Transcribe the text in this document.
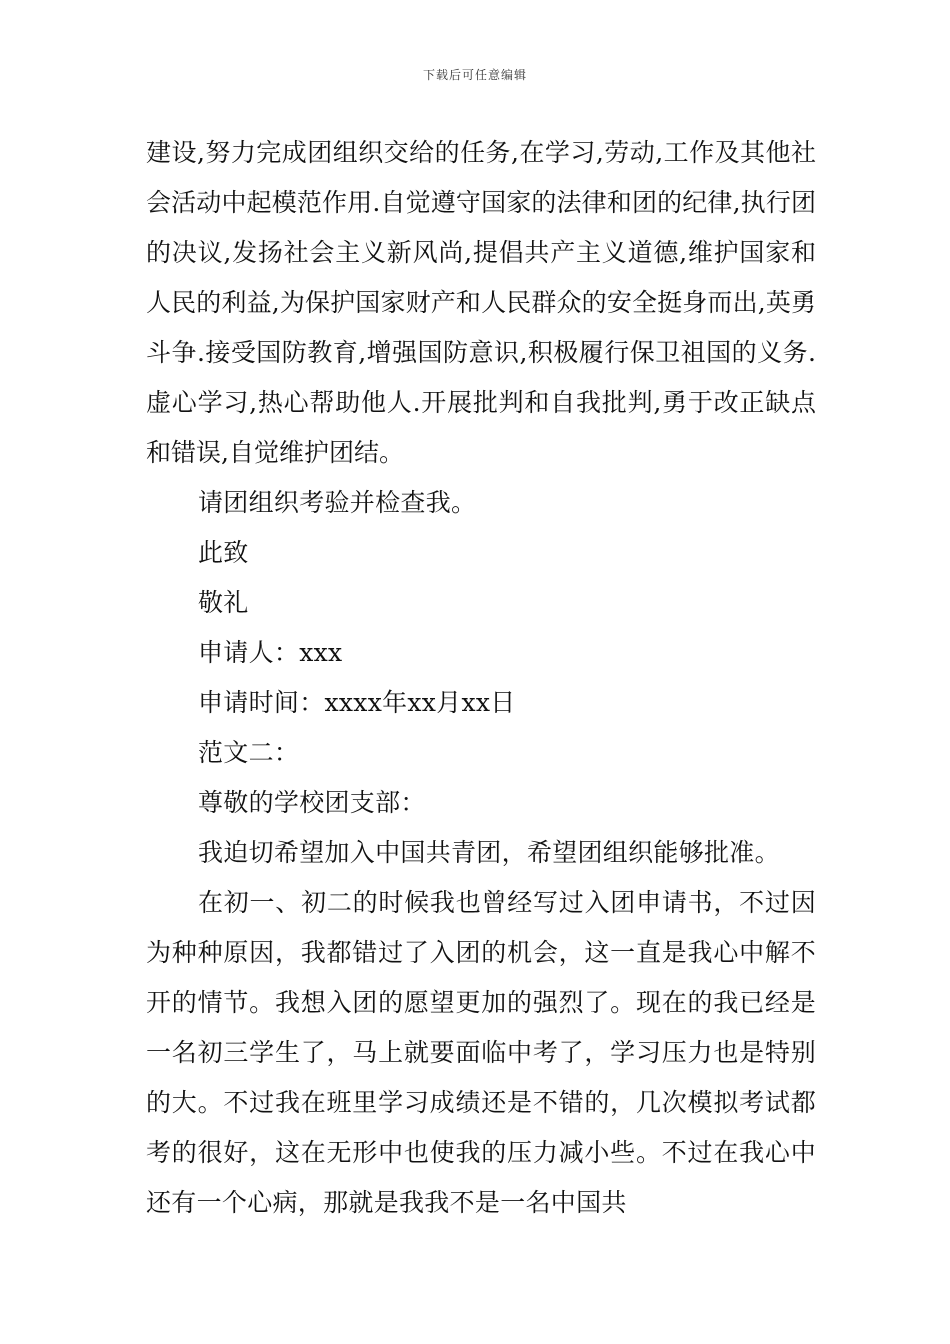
下载后可任意编辑

建设,努力完成团组织交给的任务,在学习,劳动,工作及其他社会活动中起模范作用.自觉遵守国家的法律和团的纪律,执行团的决议,发扬社会主义新风尚,提倡共产主义道德,维护国家和人民的利益,为保护国家财产和人民群众的安全挺身而出,英勇斗争.接受国防教育,增强国防意识,积极履行保卫祖国的义务.虚心学习,热心帮助他人.开展批判和自我批判,勇于改正缺点和错误,自觉维护团结。

请团组织考验并检查我。

此致

敬礼

申请人：xxx

申请时间：xxxx年xx月xx日

范文二：

尊敬的学校团支部：

我迫切希望加入中国共青团，希望团组织能够批准。

在初一、初二的时候我也曾经写过入团申请书，不过因为种种原因，我都错过了入团的机会，这一直是我心中解不开的情节。我想入团的愿望更加的强烈了。现在的我已经是一名初三学生了，马上就要面临中考了，学习压力也是特别的大。不过我在班里学习成绩还是不错的，几次模拟考试都考的很好，这在无形中也使我的压力减小些。不过在我心中还有一个心病，那就是我我不是一名中国共
